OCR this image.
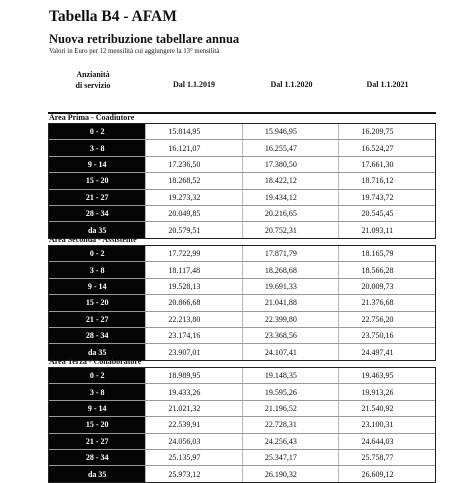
Tabella B4 - AFAM
Nuova retribuzione tabellare annua
Valori in Euro per 12 mensilità cui aggiungere la 13° mensilità
Anzianità
di servizio	Dal 1.1.2019	Dal 1.1.2020	Dal 1.1.2021
Area Prima - Coadiutore
0 - 2	15.814,95	15.946,95	16.209,75
3 - 8	16.121,07	16.255,47	16.524,27
9 - 14	17.236,50	17.380,50	17.661,30
15 - 20	18.268,52	18.422,12	18.716,12
21 - 27	19.273,32	19.434,12	19.743,72
28 - 34	20.049,85	20.216,65	20.545,45
da 35	20.579,51	20.752,31	21.093,11
Area Seconda - Assistente
0 - 2	17.722,99	17.871,79	18.165,79
3 - 8	18.117,48	18.268,68	18.566,28
9 - 14	19.528,13	19.691,33	20.009,73
15 - 20	20.866,68	21.041,88	21.376,68
21 - 27	22.213,80	22.399,80	22.756,20
28 - 34	23.174,16	23.368,56	23.750,16
da 35	23.907,01	24.107,41	24.497,41
Area Terza - Collaboratore
0 - 2	18.989,95	19.148,35	19.463,95
3 - 8	19.433,26	19.595,26	19.913,26
9 - 14	21.021,32	21.196,52	21.540,92
15 - 20	22.539,91	22.728,31	23.100,31
21 - 27	24.056,03	24.256,43	24.644,03
28 - 34	25.135,97	25.347,17	25.758,77
da 35	25.973,12	26.190,32	26.609,12
